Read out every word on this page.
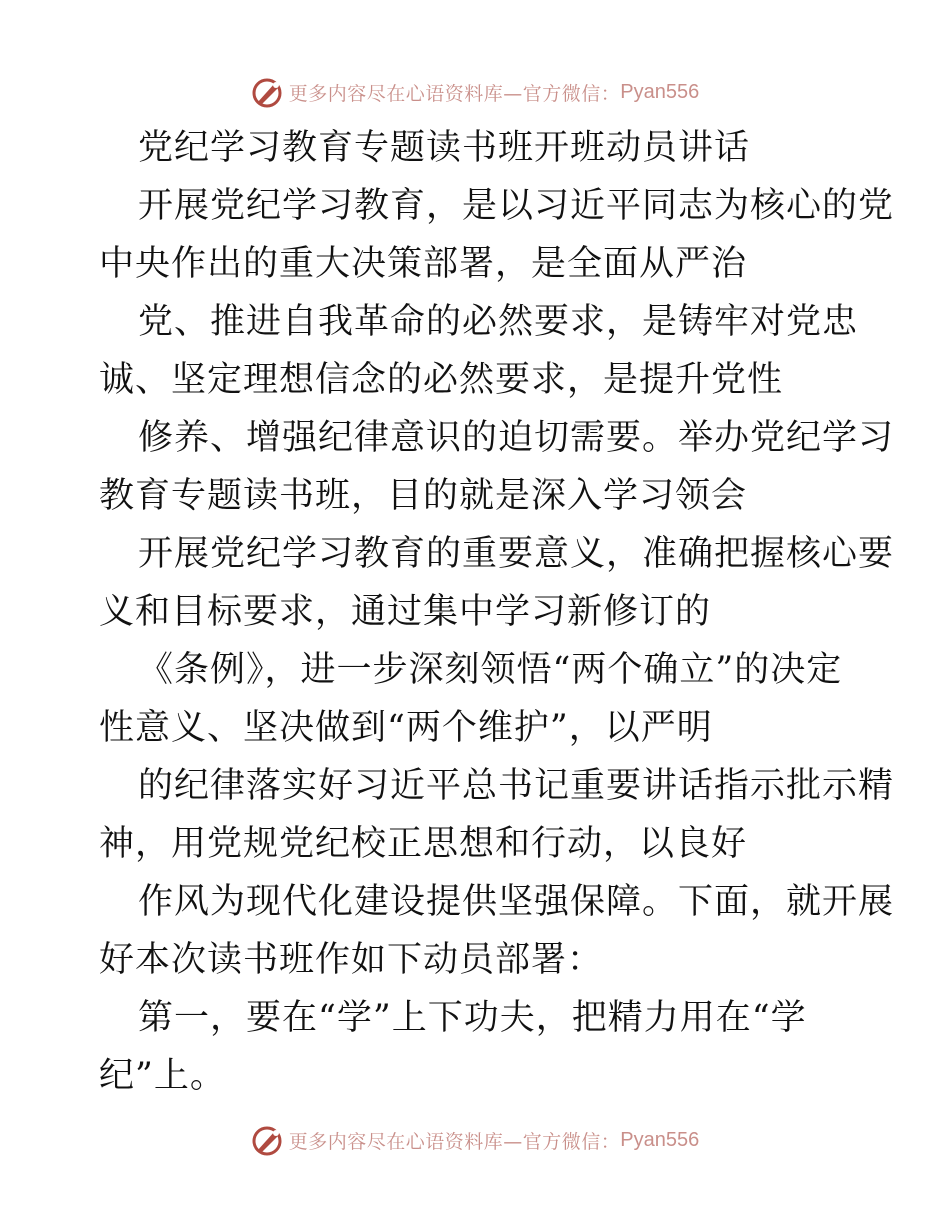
更多内容尽在心语资料库—官方微信： Pyan556
党纪学习教育专题读书班开班动员讲话
开展党纪学习教育，是以习近平同志为核心的党
中央作出的重大决策部署，是全面从严治
党、推进自我革命的必然要求，是铸牢对党忠
诚、坚定理想信念的必然要求，是提升党性
修养、增强纪律意识的迫切需要。举办党纪学习
教育专题读书班，目的就是深入学习领会
开展党纪学习教育的重要意义，准确把握核心要
义和目标要求，通过集中学习新修订的
《条例》，进一步深刻领悟“两个确立”的决定
性意义、坚决做到“两个维护”，以严明
的纪律落实好习近平总书记重要讲话指示批示精
神，用党规党纪校正思想和行动，以良好
作风为现代化建设提供坚强保障。下面，就开展
好本次读书班作如下动员部署：
第一，要在“学”上下功夫，把精力用在“学
纪”上。
更多内容尽在心语资料库—官方微信： Pyan556
